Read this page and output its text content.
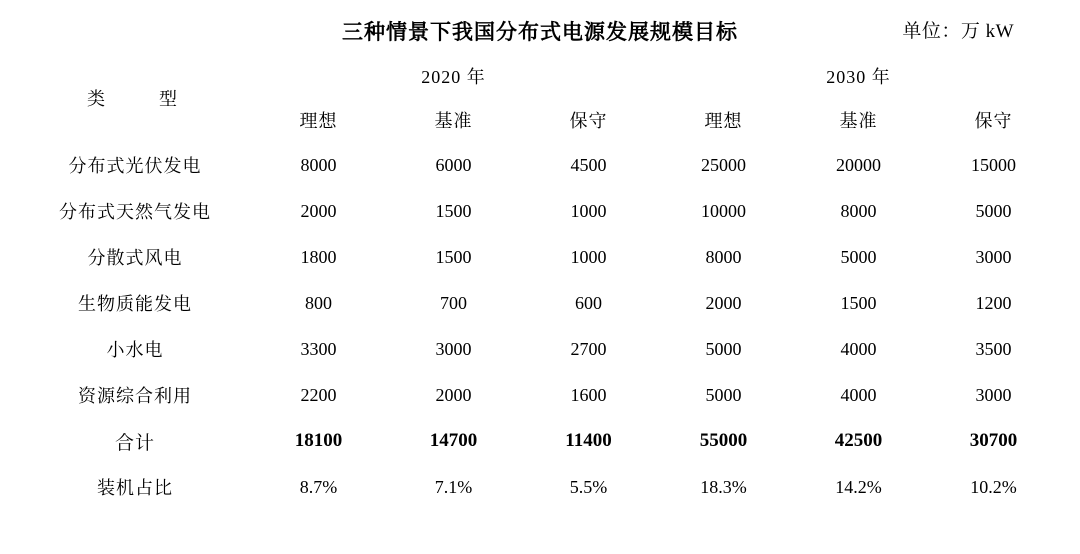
三种情景下我国分布式电源发展规模目标	单位：万 kW
类　　型	2020 年			2030 年		
	理想	基准	保守	理想	基准	保守
分布式光伏发电	8000	6000	4500	25000	20000	15000
分布式天然气发电	2000	1500	1000	10000	8000	5000
分散式风电	1800	1500	1000	8000	5000	3000
生物质能发电	800	700	600	2000	1500	1200
小水电	3300	3000	2700	5000	4000	3500
资源综合利用	2200	2000	1600	5000	4000	3000
合计	18100	14700	11400	55000	42500	30700
装机占比	8.7%	7.1%	5.5%	18.3%	14.2%	10.2%
